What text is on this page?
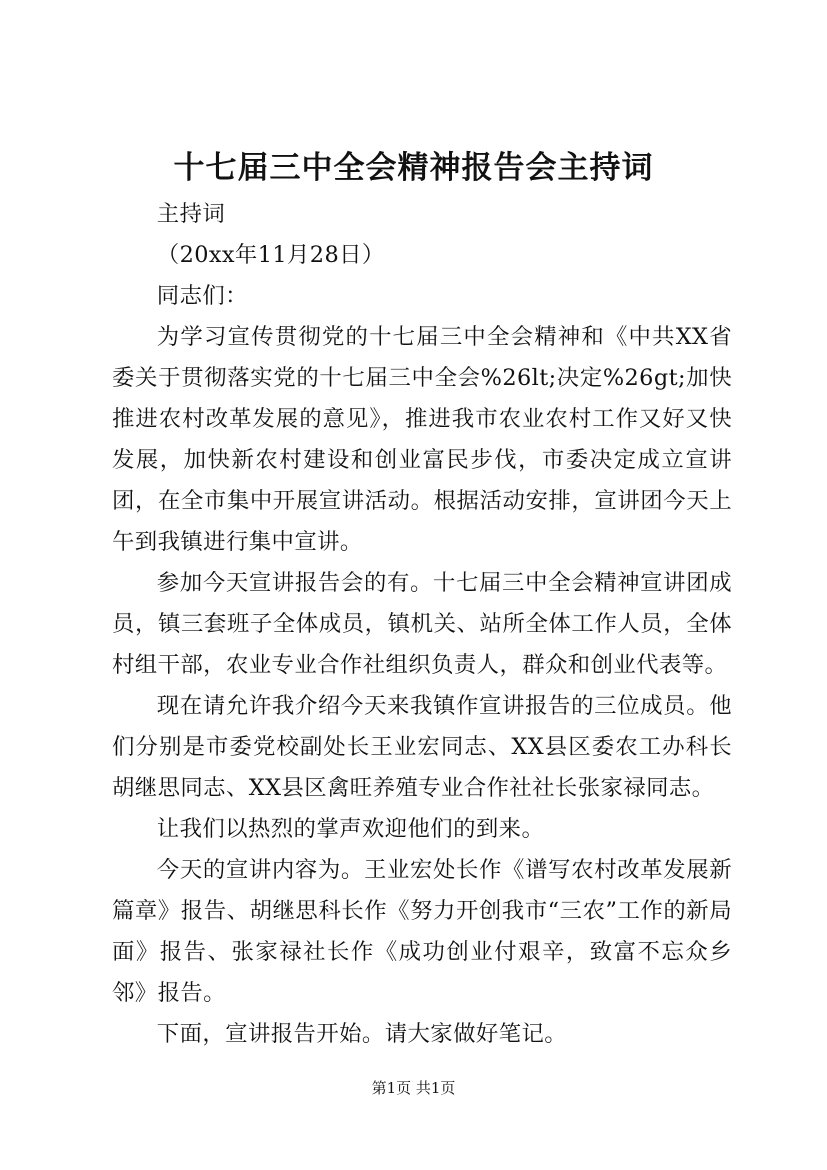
十七届三中全会精神报告会主持词

主持词

（20xx年11月28日）

同志们：

为学习宣传贯彻党的十七届三中全会精神和《中共XX省委关于贯彻落实党的十七届三中全会%26lt;决定%26gt;加快推进农村改革发展的意见》，推进我市农业农村工作又好又快发展，加快新农村建设和创业富民步伐，市委决定成立宣讲团，在全市集中开展宣讲活动。根据活动安排，宣讲团今天上午到我镇进行集中宣讲。

参加今天宣讲报告会的有。十七届三中全会精神宣讲团成员，镇三套班子全体成员，镇机关、站所全体工作人员，全体村组干部，农业专业合作社组织负责人，群众和创业代表等。

现在请允许我介绍今天来我镇作宣讲报告的三位成员。他们分别是市委党校副处长王业宏同志、XX县区委农工办科长胡继思同志、XX县区禽旺养殖专业合作社社长张家禄同志。

让我们以热烈的掌声欢迎他们的到来。

今天的宣讲内容为。王业宏处长作《谱写农村改革发展新篇章》报告、胡继思科长作《努力开创我市“三农”工作的新局面》报告、张家禄社长作《成功创业付艰辛，致富不忘众乡邻》报告。

下面，宣讲报告开始。请大家做好笔记。

第1页 共1页
